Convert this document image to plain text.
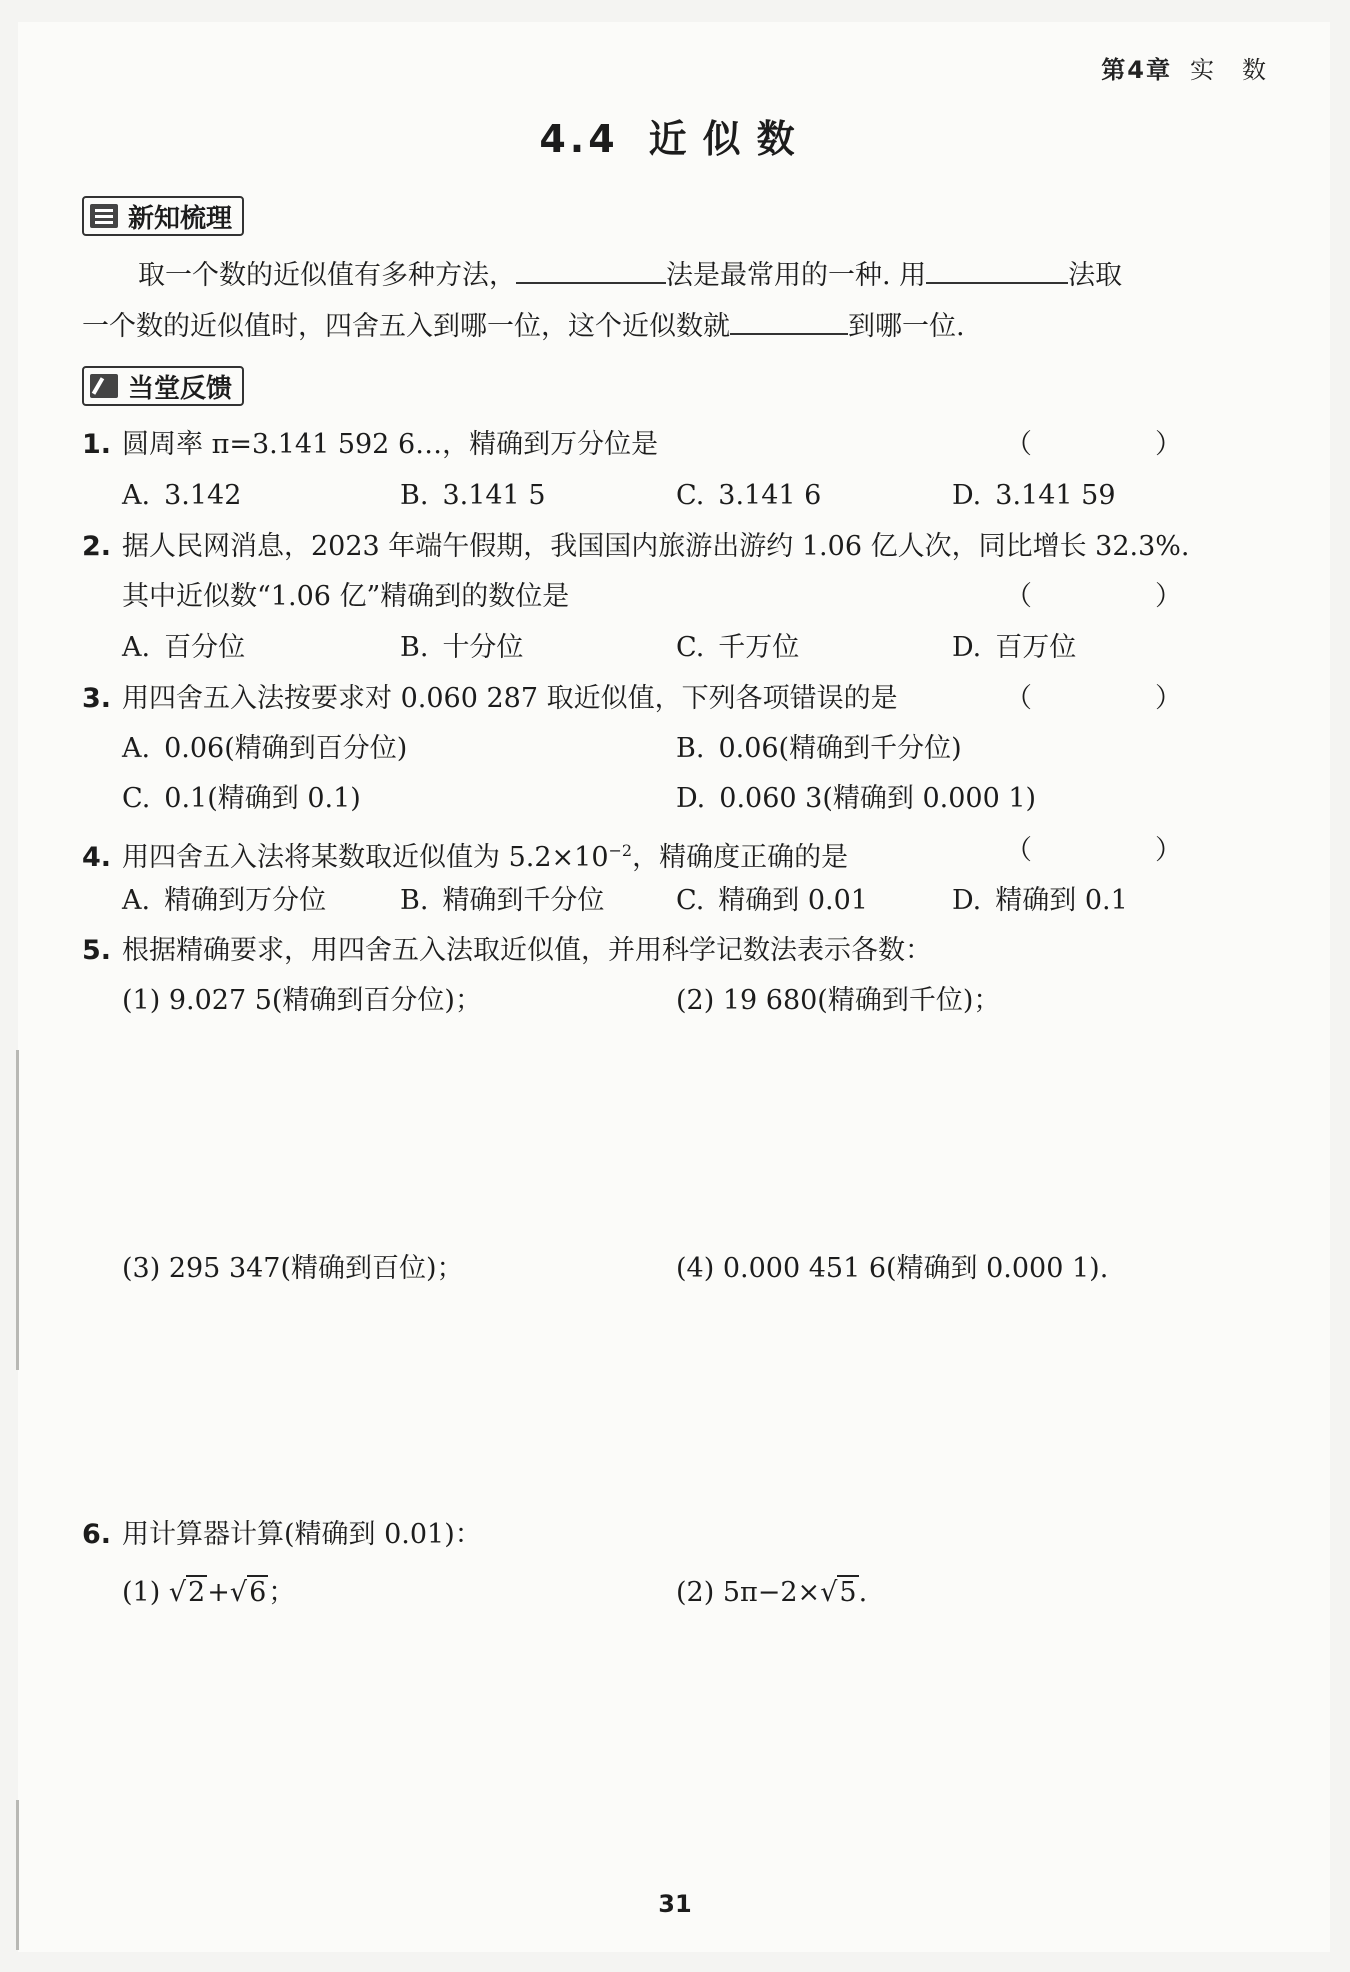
第4章 实　数
4.4 近似数
新知梳理
取一个数的近似值有多种方法，	法是最常用的一种. 用	法取
一个数的近似值时，四舍五入到哪一位，这个近似数就	到哪一位.
当堂反馈
1. 圆周率 π=3.141 592 6…，精确到万分位是	（　）
A. 3.142	B. 3.141 5	C. 3.141 6	D. 3.141 59
2. 据人民网消息，2023 年端午假期，我国国内旅游出游约 1.06 亿人次，同比增长 32.3%.
其中近似数“1.06 亿”精确到的数位是	（　）
A. 百分位	B. 十分位	C. 千万位	D. 百万位
3. 用四舍五入法按要求对 0.060 287 取近似值，下列各项错误的是	（　）
A. 0.06(精确到百分位)	B. 0.06(精确到千分位)
C. 0.1(精确到 0.1)	D. 0.060 3(精确到 0.000 1)
4. 用四舍五入法将某数取近似值为 $5.2\times 10^{-2}$，精确度正确的是	（　）
A. 精确到万分位	B. 精确到千分位	C. 精确到 0.01	D. 精确到 0.1
5. 根据精确要求，用四舍五入法取近似值，并用科学记数法表示各数：
(1) 9.027 5(精确到百分位)；	(2) 19 680(精确到千位)；
(3) 295 347(精确到百位)；	(4) 0.000 451 6(精确到 0.000 1).
6. 用计算器计算(精确到 0.01)：
(1) √2+√6；	(2) 5π−2×√5.
31
